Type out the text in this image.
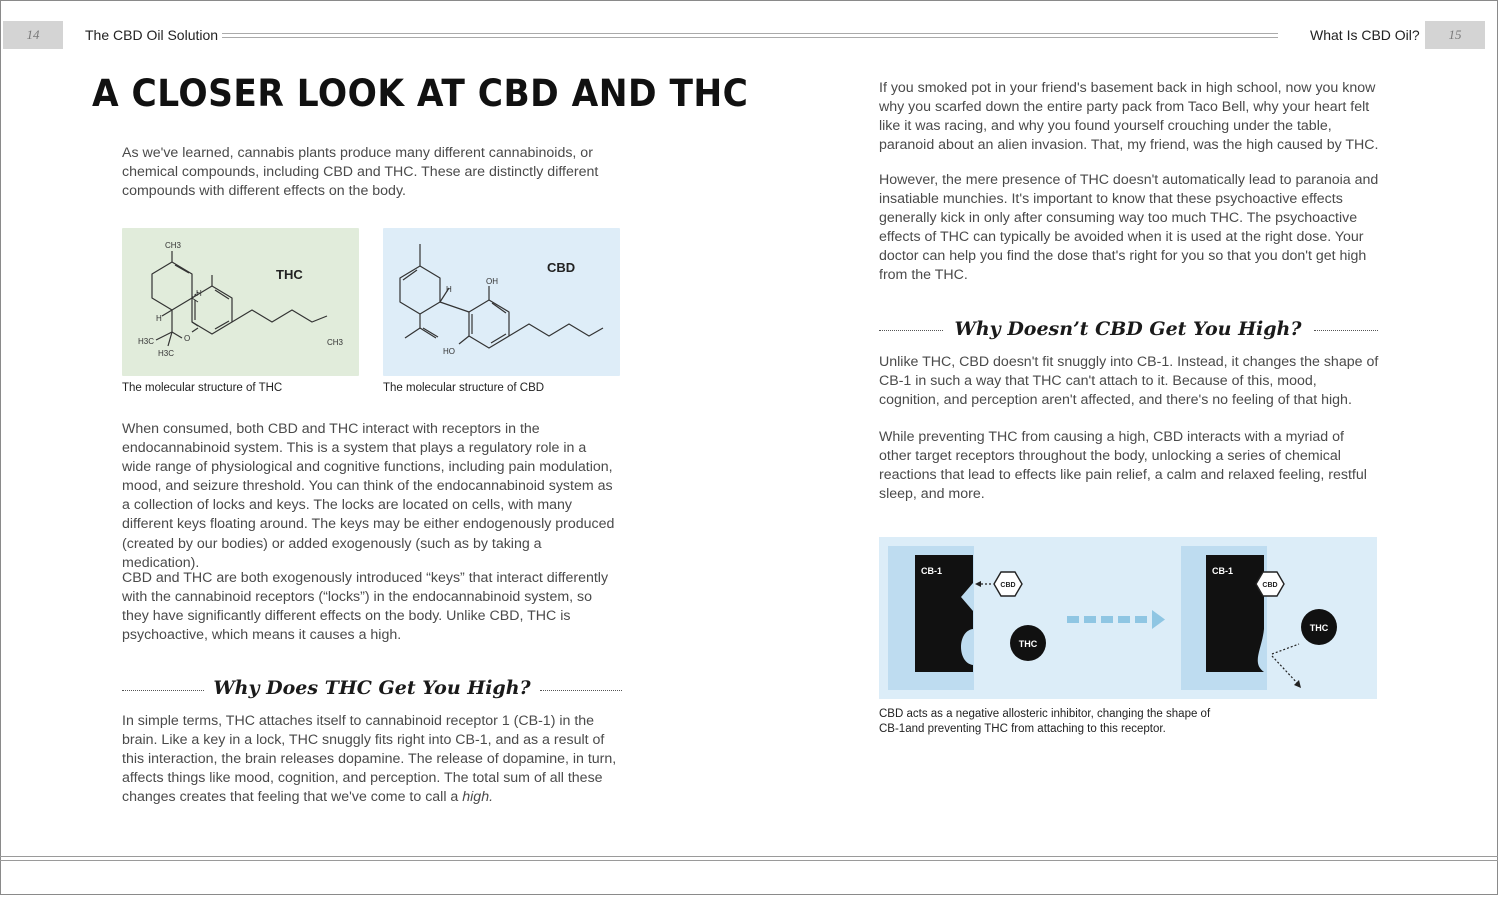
14	The CBD Oil Solution	What Is CBD Oil?	15
A CLOSER LOOK AT CBD AND THC

As we've learned, cannabis plants produce many different cannabinoids, or chemical compounds, including CBD and THC. These are distinctly different compounds with different effects on the body.

CH3
H
H
O
H3C
H3C
CH3
THC

The molecular structure of THC

OH
H
HO
CBD

The molecular structure of CBD

When consumed, both CBD and THC interact with receptors in the endocannabinoid system. This is a system that plays a regulatory role in a wide range of physiological and cognitive functions, including pain modulation, mood, and seizure threshold. You can think of the endocannabinoid system as a collection of locks and keys. The locks are located on cells, with many different keys floating around. The keys may be either endogenously produced (created by our bodies) or added exogenously (such as by taking a medication).

CBD and THC are both exogenously introduced “keys” that interact differently with the cannabinoid receptors (“locks”) in the endocannabinoid system, so they have significantly different effects on the body. Unlike CBD, THC is psychoactive, which means it causes a high.

Why Does THC Get You High?

In simple terms, THC attaches itself to cannabinoid receptor 1 (CB-1) in the brain. Like a key in a lock, THC snuggly fits right into CB-1, and as a result of this interaction, the brain releases dopamine. The release of dopamine, in turn, affects things like mood, cognition, and perception. The total sum of all these changes creates that feeling that we've come to call a high.

If you smoked pot in your friend's basement back in high school, now you know why you scarfed down the entire party pack from Taco Bell, why your heart felt like it was racing, and why you found yourself crouching under the table, paranoid about an alien invasion. That, my friend, was the high caused by THC.

However, the mere presence of THC doesn't automatically lead to paranoia and insatiable munchies. It's important to know that these psychoactive effects generally kick in only after consuming way too much THC. The psychoactive effects of THC can typically be avoided when it is used at the right dose. Your doctor can help you find the dose that's right for you so that you don't get high from the THC.

Why Doesn’t CBD Get You High?

Unlike THC, CBD doesn't fit snuggly into CB-1. Instead, it changes the shape of CB-1 in such a way that THC can't attach to it. Because of this, mood, cognition, and perception aren't affected, and there's no feeling of that high.

While preventing THC from causing a high, CBD interacts with a myriad of other target receptors throughout the body, unlocking a series of chemical reactions that lead to effects like pain relief, a calm and relaxed feeling, restful sleep, and more.

CB-1
CBD
THC
CB-1
CBD
THC

CBD acts as a negative allosteric inhibitor, changing the shape of
CB-1and preventing THC from attaching to this receptor.
